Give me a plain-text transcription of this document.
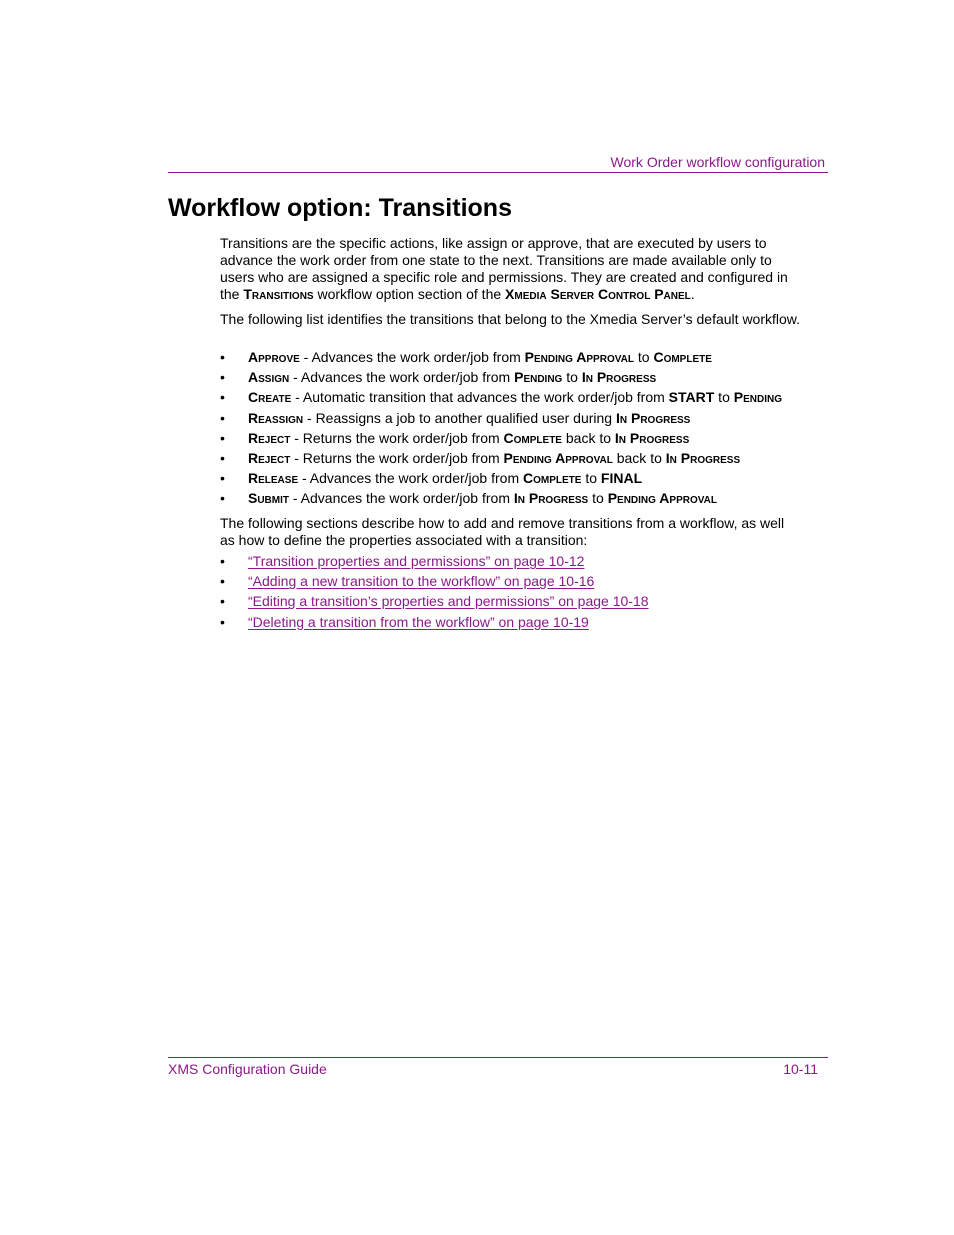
Work Order workflow configuration
Workflow option: Transitions

Transitions are the specific actions, like assign or approve, that are executed by users to advance the work order from one state to the next. Transitions are made available only to users who are assigned a specific role and permissions. They are created and configured in the Transitions workflow option section of the Xmedia Server Control Panel.

The following list identifies the transitions that belong to the Xmedia Server’s default workflow.

• Approve - Advances the work order/job from Pending Approval to Complete
• Assign - Advances the work order/job from Pending to In Progress
• Create - Automatic transition that advances the work order/job from START to Pending
• Reassign - Reassigns a job to another qualified user during In Progress
• Reject - Returns the work order/job from Complete back to In Progress
• Reject - Returns the work order/job from Pending Approval back to In Progress
• Release - Advances the work order/job from Complete to FINAL
• Submit - Advances the work order/job from In Progress to Pending Approval

The following sections describe how to add and remove transitions from a workflow, as well as how to define the properties associated with a transition:

• “Transition properties and permissions” on page 10-12
• “Adding a new transition to the workflow” on page 10-16
• “Editing a transition’s properties and permissions” on page 10-18
• “Deleting a transition from the workflow” on page 10-19
XMS Configuration Guide	10-11
